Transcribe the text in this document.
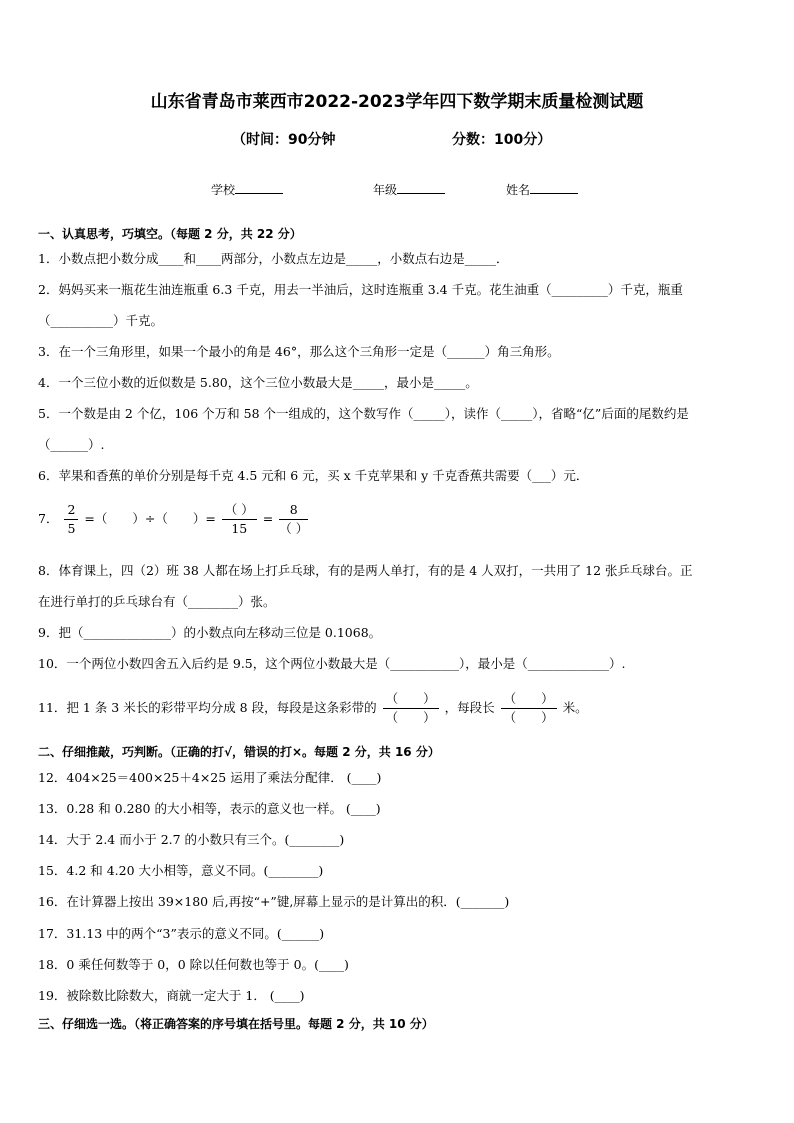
山东省青岛市莱西市2022-2023学年四下数学期末质量检测试题
（时间：90分钟	分数：100分）
学校	年级	姓名
一、认真思考，巧填空。（每题 2 分，共 22 分）
1．小数点把小数分成____和____两部分，小数点左边是_____，小数点右边是_____．
2．妈妈买来一瓶花生油连瓶重 6.3 千克，用去一半油后，这时连瓶重 3.4 千克。花生油重（_________）千克，瓶重
（__________）千克。
3．在一个三角形里，如果一个最小的角是 46°，那么这个三角形一定是（______）角三角形。
4．一个三位小数的近似数是 5.80，这个三位小数最大是_____，最小是_____。
5．一个数是由 2 个亿，106 个万和 58 个一组成的，这个数写作（_____），读作（_____），省略“亿”后面的尾数约是
（______）.
6．苹果和香蕉的单价分别是每千克 4.5 元和 6 元，买 x 千克苹果和 y 千克香蕉共需要（___）元．
7． $\frac{2}{5}$ =（　　）÷（　　）= $\frac{( )}{15} = \frac{8}{( )}$
8．体育课上，四（2）班 38 人都在场上打乒乓球，有的是两人单打，有的是 4 人双打，一共用了 12 张乒乓球台。正
在进行单打的乒乓球台有（________）张。
9．把（______________）的小数点向左移动三位是 0.1068。
10．一个两位小数四舍五入后约是 9.5，这个两位小数最大是（___________），最小是（_____________）.
11．把 1 条 3 米长的彩带平均分成 8 段，每段是这条彩带的 $\frac{( )}{( )}$ ，每段长 $\frac{( )}{( )}$ 米。
二、仔细推敲，巧判断。（正确的打√，错误的打×。每题 2 分，共 16 分）
12．404×25＝400×25＋4×25 运用了乘法分配律． (____)
13．0.28 和 0.280 的大小相等，表示的意义也一样。 (____)
14．大于 2.4 而小于 2.7 的小数只有三个。(________)
15．4.2 和 4.20 大小相等，意义不同。(________)
16．在计算器上按出 39×180 后,再按“+”键,屏幕上显示的是计算出的积．(_______)
17．31.13 中的两个“3”表示的意义不同。(______)
18．0 乘任何数等于 0，0 除以任何数也等于 0。(____)
19．被除数比除数大，商就一定大于 1． (____)
三、仔细选一选。（将正确答案的序号填在括号里。每题 2 分，共 10 分）
